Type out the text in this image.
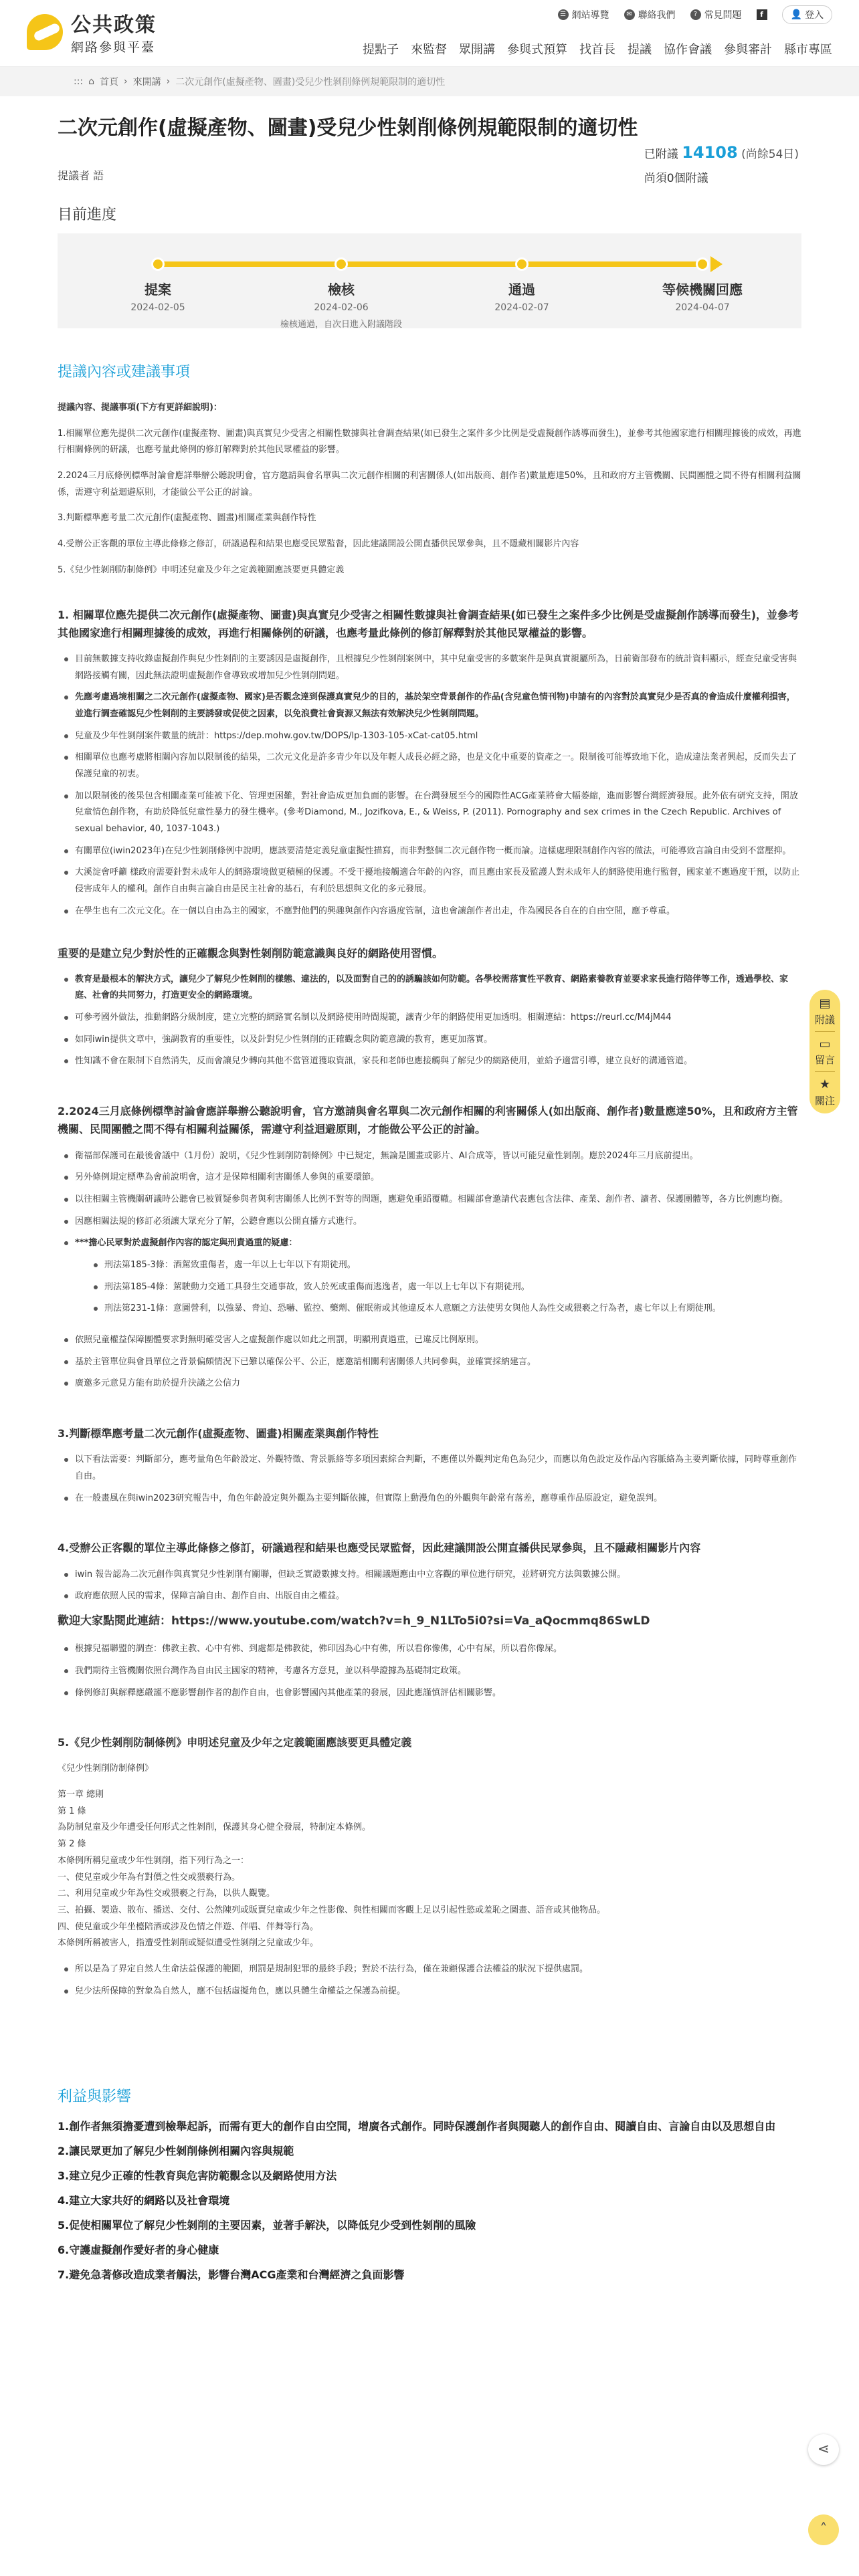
公共政策
網路參與平臺
☰ 網站導覽	✉ 聯絡我們	? 常見問題	f	👤 登入
提點子 來監督 眾開講 參與式預算 找首長 提議 協作會議 參與審計 縣市專區
::: ⌂ 首頁 › 來開講 › 二次元創作(虛擬產物、圖畫)受兒少性剝削條例規範限制的適切性
二次元創作(虛擬產物、圖畫)受兒少性剝削條例規範限制的適切性
提議者 語
已附議 14108 (尚餘54日)
尚須0個附議
目前進度
提案
2024-02-05
檢核
2024-02-06
檢核通過，自次日進入附議階段
通過
2024-02-07
等候機關回應
2024-04-07
提議內容或建議事項

提議內容、提議事項(下方有更詳細說明)：

1.相關單位應先提供二次元創作(虛擬產物、圖畫)與真實兒少受害之相關性數據與社會調查結果(如已發生之案件多少比例是受虛擬創作誘導而發生)，並參考其他國家進行相關理據後的成效，再進行相關條例的研議，也應考量此條例的修訂解釋對於其他民眾權益的影響。

2.2024三月底條例標準討論會應詳舉辦公聽說明會，官方邀請與會名單與二次元創作相關的利害關係人(如出版商、創作者)數量應達50%，且和政府方主管機關、民間團體之間不得有相關利益關係，需遵守利益迴避原則，才能做公平公正的討論。

3.判斷標準應考量二次元創作(虛擬產物、圖畫)相關產業與創作特性

4.受辦公正客觀的單位主導此條修之修訂，研議過程和結果也應受民眾監督，因此建議開設公開直播供民眾參與，且不隱藏相關影片內容

5.《兒少性剝削防制條例》申明述兒童及少年之定義範圍應該要更具體定義

1. 相關單位應先提供二次元創作(虛擬產物、圖畫)與真實兒少受害之相關性數據與社會調查結果(如已發生之案件多少比例是受虛擬創作誘導而發生)，並參考其他國家進行相關理據後的成效，再進行相關條例的研議，也應考量此條例的修訂解釋對於其他民眾權益的影響。

目前無數據支持收錄虛擬創作與兒少性剝削的主要誘因是虛擬創作，且根據兒少性剝削案例中，其中兒童受害的多數案件是與真實親屬所為，日前衛部發布的統計資料顯示，經查兒童受害與網路接觸有關，因此無法證明虛擬創作會導致或增加兒少性剝削問題。
先應考慮過境相關之二次元創作(虛擬產物、國家)是否觀念達到保護真實兒少的目的，基於架空背景創作的作品(含兒童色情刊物)申請有的內容對於真實兒少是否真的會造成什麼權利損害，並進行調查確認兒少性剝削的主要誘發或促使之因素，以免浪費社會資源又無法有效解決兒少性剝削問題。
兒童及少年性剝削案件數量的統計：https://dep.mohw.gov.tw/DOPS/lp-1303-105-xCat-cat05.html
相關單位也應考慮將相關內容加以限制後的結果，二次元文化是許多青少年以及年輕人成長必經之路，也是文化中重要的資產之一。限制後可能導致地下化，造成違法業者興起，反而失去了保護兒童的初衷。
加以限制後的後果包含相關產業可能被下化、管理更困難，對社會造成更加負面的影響。在台灣發展至今的國際性ACG產業將會大幅萎縮，進而影響台灣經濟發展。此外依有研究支持，開放兒童情色創作物，有助於降低兒童性暴力的發生機率。(參考Diamond, M., Jozifkova, E., & Weiss, P. (2011). Pornography and sex crimes in the Czech Republic. Archives of sexual behavior, 40, 1037-1043.)
有關單位(iwin2023年)在兒少性剝削條例中說明，應該要清楚定義兒童虛擬性描寫，而非對整個二次元創作物一概而論。這樣處理限制創作內容的做法，可能導致言論自由受到不當壓抑。
大溪淀會呼籲 樣政府需要針對未成年人的網路環境做更積極的保護。不受干擾地接觸適合年齡的內容，而且應由家長及監護人對未成年人的網路使用進行監督，國家並不應過度干預，以防止侵害成年人的權利。創作自由與言論自由是民主社會的基石，有利於思想與文化的多元發展。
在學生也有二次元文化。在一個以自由為主的國家，不應對他們的興趣與創作內容過度管制，這也會讓創作者出走，作為國民各自在的自由空間，應予尊重。

重要的是建立兒少對於性的正確觀念與對性剝削防範意識與良好的網路使用習慣。

教育是最根本的解決方式，讓兒少了解兒少性剝削的樣態、違法的，以及面對自己的的誘騙該如何防範。各學校需落實性平教育、網路素養教育並要求家長進行陪伴等工作，透過學校、家庭、社會的共同努力，打造更安全的網路環境。
可參考國外做法，推動網路分級制度，建立完整的網路實名制以及網路使用時間規範，讓青少年的網路使用更加透明。相關連結：https://reurl.cc/M4jM44
如同iwin提供文章中，強調教育的重要性，以及針對兒少性剝削的正確觀念與防範意識的教育，應更加落實。
性知識不會在限制下自然消失，反而會讓兒少轉向其他不當管道獲取資訊，家長和老師也應接觸與了解兒少的網路使用，並給予適當引導，建立良好的溝通管道。

2.2024三月底條例標準討論會應詳舉辦公聽說明會，官方邀請與會名單與二次元創作相關的利害關係人(如出版商、創作者)數量應達50%，且和政府方主管機關、民間團體之間不得有相關利益關係，需遵守利益迴避原則，才能做公平公正的討論。

衛福部保護司在最後會議中（1月份）說明，《兒少性剝削防制條例》中已規定，無論是圖畫或影片、AI合成等，皆以可能兒童性剝削。應於2024年三月底前提出。
另外條例規定標準為會前說明會，這才是保障相關利害關係人參與的重要環節。
以往相關主管機關研議時公聽會已被質疑參與者與利害關係人比例不對等的問題，應避免重蹈覆轍。相關部會邀請代表應包含法律、產業、創作者、讀者、保護團體等，各方比例應均衡。
因應相關法規的修訂必須讓大眾充分了解，公聽會應以公開直播方式進行。
***擔心民眾對於虛擬創作內容的認定與刑責過重的疑慮：
刑法第185-3條：酒駕致重傷者，處一年以上七年以下有期徒刑。
刑法第185-4條：駕駛動力交通工具發生交通事故，致人於死或重傷而逃逸者，處一年以上七年以下有期徒刑。
刑法第231-1條：意圖營利，以強暴、脅迫、恐嚇、監控、藥劑、催眠術或其他違反本人意願之方法使男女與他人為性交或猥褻之行為者，處七年以上有期徒刑。
依照兒童權益保障團體要求對無明確受害人之虛擬創作處以如此之刑罰，明顯刑責過重，已違反比例原則。
基於主管單位與會員單位之背景偏頗情況下已難以確保公平、公正，應邀請相關利害關係人共同參與，並確實採納建言。
廣邀多元意見方能有助於提升決議之公信力

3.判斷標準應考量二次元創作(虛擬產物、圖畫)相關產業與創作特性

以下看法需要：判斷部分，應考量角色年齡設定、外觀特徵、背景脈絡等多項因素綜合判斷，不應僅以外觀判定角色為兒少，而應以角色設定及作品內容脈絡為主要判斷依據，同時尊重創作自由。
在一般畫風在與iwin2023研究報告中，角色年齡設定與外觀為主要判斷依據，但實際上動漫角色的外觀與年齡常有落差，應尊重作品原設定，避免誤判。

4.受辦公正客觀的單位主導此條修之修訂，研議過程和結果也應受民眾監督，因此建議開設公開直播供民眾參與，且不隱藏相關影片內容

iwin 報告認為二次元創作與真實兒少性剝削有關聯，但缺乏實證數據支持。相關議題應由中立客觀的單位進行研究，並將研究方法與數據公開。
政府應依照人民的需求，保障言論自由、創作自由、出版自由之權益。

歡迎大家點閱此連結：https://www.youtube.com/watch?v=h_9_N1LTo5i0?si=Va_aQocmmq86SwLD

根據兒福聯盟的調查：佛教主教、心中有佛、到處都是佛教徒，佛印因為心中有佛，所以看你像佛，心中有屎，所以看你像屎。
我們期待主管機關依照台灣作為自由民主國家的精神，考慮各方意見，並以科學證據為基礎制定政策。
條例修訂與解釋應嚴謹不應影響創作者的創作自由，也會影響國內其他產業的發展，因此應謹慎評估相關影響。

5.《兒少性剝削防制條例》申明述兒童及少年之定義範圍應該要更具體定義

《兒少性剝削防制條例》

第一章 總則

第 1 條

為防制兒童及少年遭受任何形式之性剝削，保護其身心健全發展，特制定本條例。

第 2 條

本條例所稱兒童或少年性剝削，指下列行為之一：

一、使兒童或少年為有對價之性交或猥褻行為。

二、利用兒童或少年為性交或猥褻之行為，以供人觀覽。

三、拍攝、製造、散布、播送、交付、公然陳列或販賣兒童或少年之性影像、與性相關而客觀上足以引起性慾或羞恥之圖畫、語音或其他物品。

四、使兒童或少年坐檯陪酒或涉及色情之伴遊、伴唱、伴舞等行為。

本條例所稱被害人，指遭受性剝削或疑似遭受性剝削之兒童或少年。

所以是為了界定自然人生命法益保護的範圍，刑罰是規制犯罪的最終手段；對於不法行為，僅在兼顧保護合法權益的狀況下提供處罰。
兒少法所保障的對象為自然人，應不包括虛擬角色，應以具體生命權益之保護為前提。
利益與影響

1.創作者無須擔憂遭到檢舉起訴，而需有更大的創作自由空間，增廣各式創作。同時保護創作者與閱聽人的創作自由、閱讀自由、言論自由以及思想自由

2.讓民眾更加了解兒少性剝削條例相關內容與規範

3.建立兒少正確的性教育與危害防範觀念以及網路使用方法

4.建立大家共好的網路以及社會環境

5.促使相關單位了解兒少性剝削的主要因素，並著手解決，以降低兒少受到性剝削的風險

6.守護虛擬創作愛好者的身心健康

7.避免急著修改造成業者觸法，影響台灣ACG產業和台灣經濟之負面影響

▤
附議
▭
留言
★
關注
⋖
˄
